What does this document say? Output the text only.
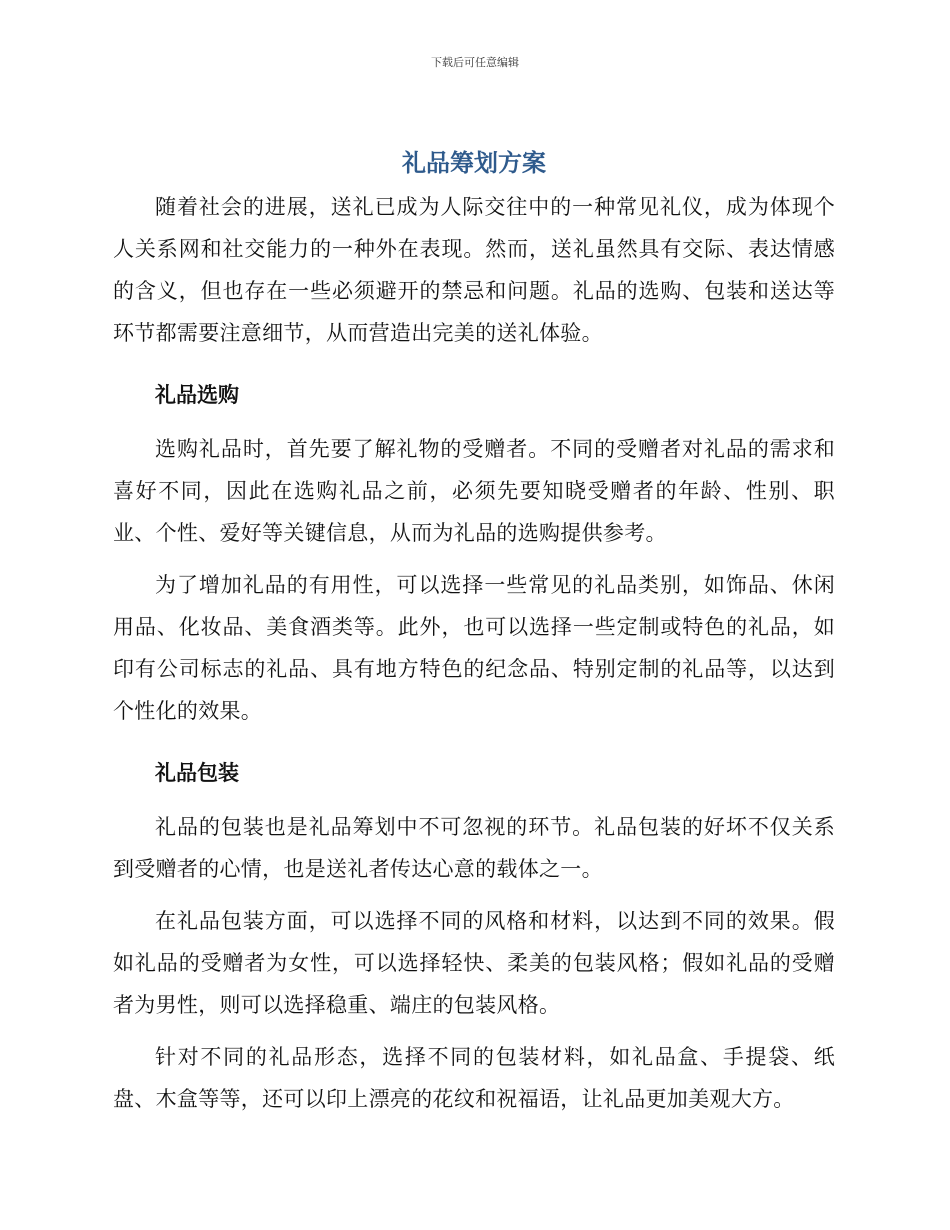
下载后可任意编辑
礼品筹划方案

随着社会的进展，送礼已成为人际交往中的一种常见礼仪，成为体现个人关系网和社交能力的一种外在表现。然而，送礼虽然具有交际、表达情感的含义，但也存在一些必须避开的禁忌和问题。礼品的选购、包装和送达等环节都需要注意细节，从而营造出完美的送礼体验。

礼品选购

选购礼品时，首先要了解礼物的受赠者。不同的受赠者对礼品的需求和喜好不同，因此在选购礼品之前，必须先要知晓受赠者的年龄、性别、职业、个性、爱好等关键信息，从而为礼品的选购提供参考。

为了增加礼品的有用性，可以选择一些常见的礼品类别，如饰品、休闲用品、化妆品、美食酒类等。此外，也可以选择一些定制或特色的礼品，如印有公司标志的礼品、具有地方特色的纪念品、特别定制的礼品等，以达到个性化的效果。

礼品包装

礼品的包装也是礼品筹划中不可忽视的环节。礼品包装的好坏不仅关系到受赠者的心情，也是送礼者传达心意的载体之一。

在礼品包装方面，可以选择不同的风格和材料，以达到不同的效果。假如礼品的受赠者为女性，可以选择轻快、柔美的包装风格；假如礼品的受赠者为男性，则可以选择稳重、端庄的包装风格。

针对不同的礼品形态，选择不同的包装材料，如礼品盒、手提袋、纸盘、木盒等等，还可以印上漂亮的花纹和祝福语，让礼品更加美观大方。
